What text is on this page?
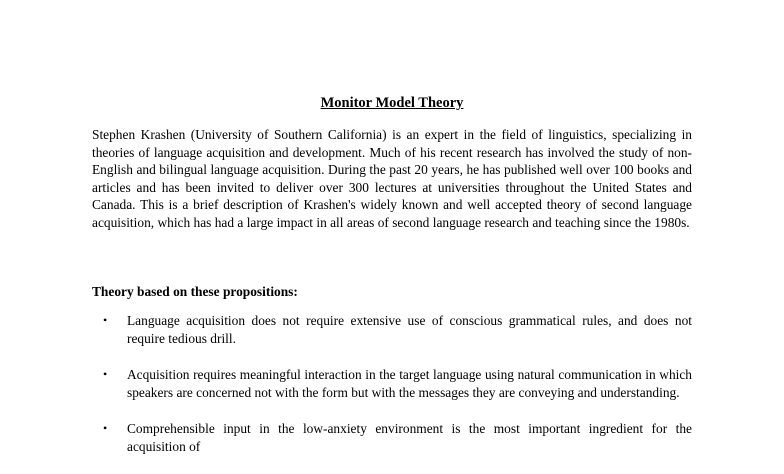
Monitor Model Theory

Stephen Krashen (University of Southern California) is an expert in the field of linguistics, specializing in theories of language acquisition and development. Much of his recent research has involved the study of non-English and bilingual language acquisition. During the past 20 years, he has published well over 100 books and articles and has been invited to deliver over 300 lectures at universities throughout the United States and Canada. This is a brief description of Krashen's widely known and well accepted theory of second language acquisition, which has had a large impact in all areas of second language research and teaching since the 1980s.

Theory based on these propositions:
• Language acquisition does not require extensive use of conscious grammatical rules, and does not require tedious drill.
• Acquisition requires meaningful interaction in the target language using natural communication in which speakers are concerned not with the form but with the messages they are conveying and understanding.
• Comprehensible input in the low-anxiety environment is the most important ingredient for the acquisition of
